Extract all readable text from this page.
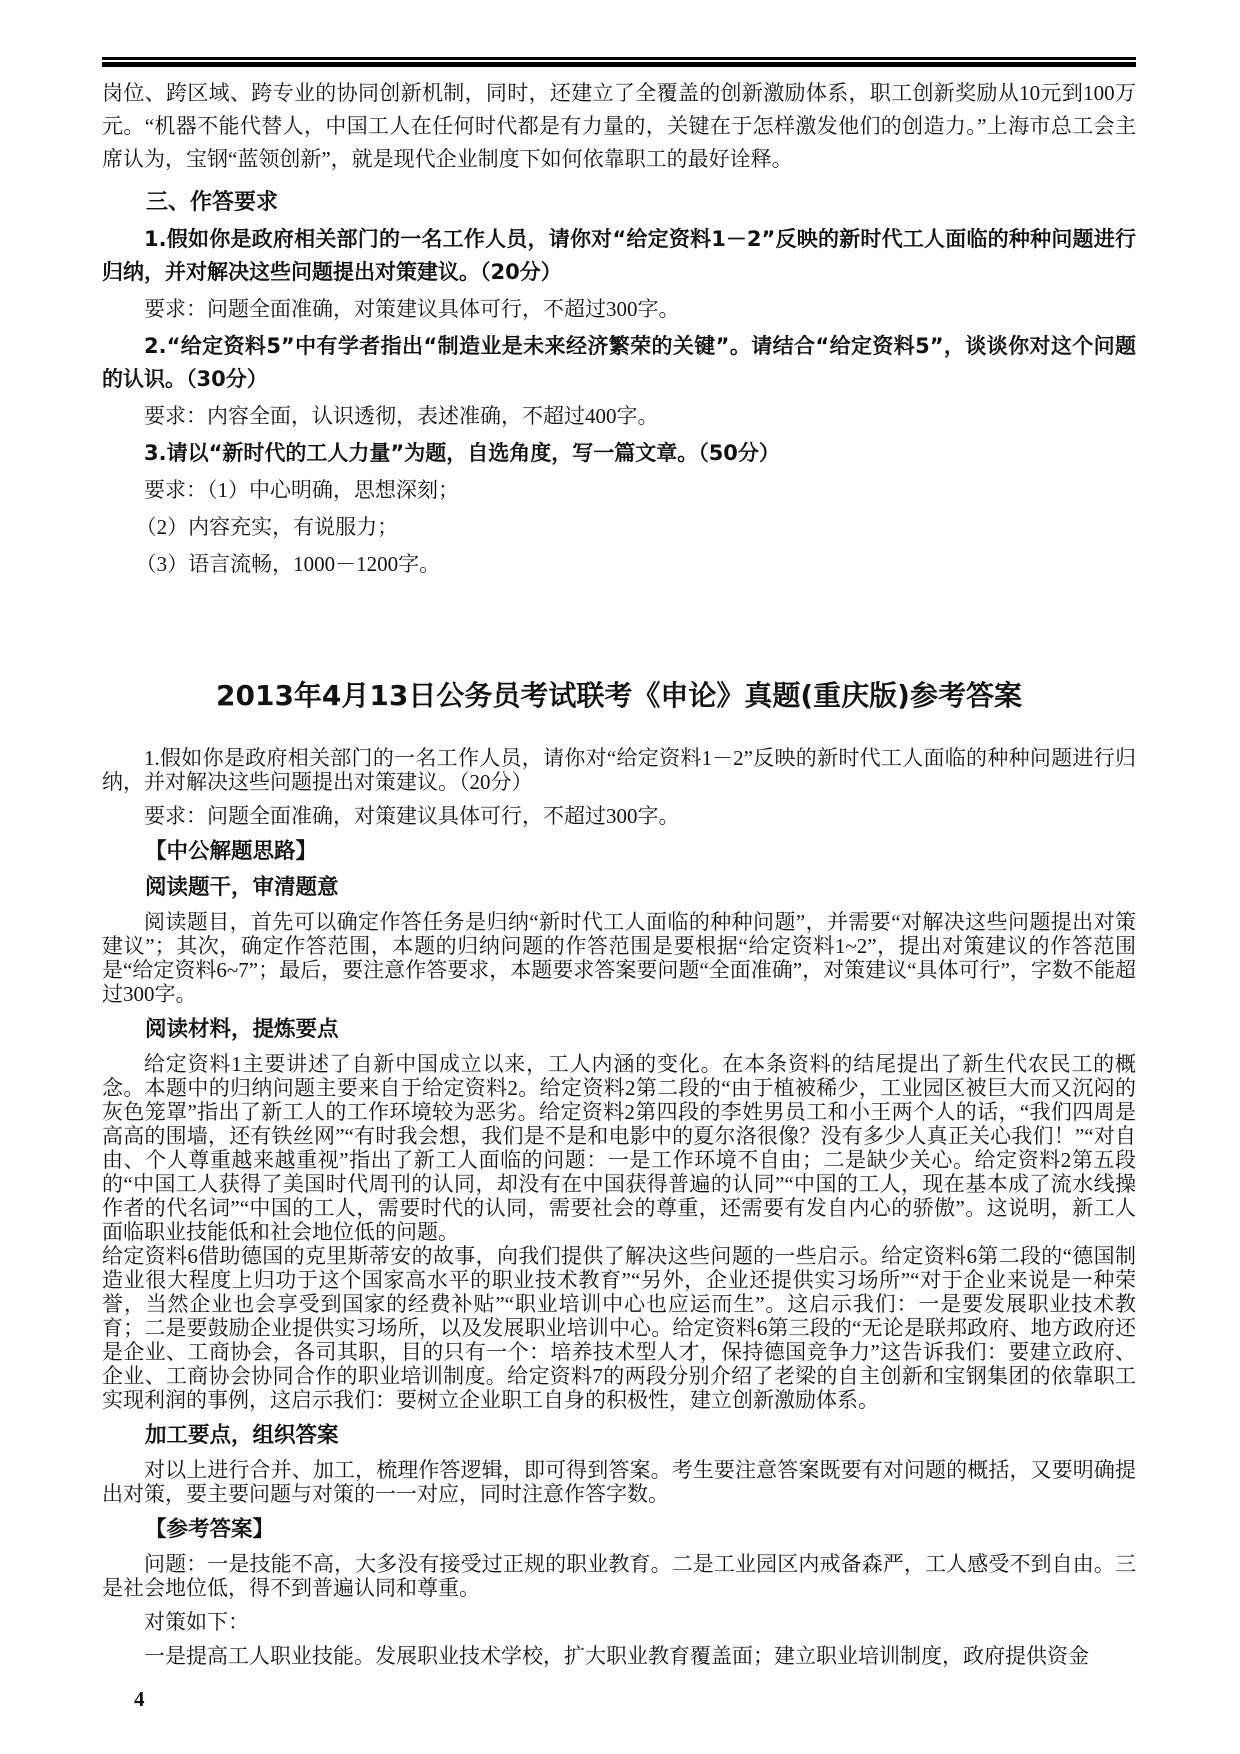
岗位、跨区域、跨专业的协同创新机制，同时，还建立了全覆盖的创新激励体系，职工创新奖励从10元到100万元。“机器不能代替人，中国工人在任何时代都是有力量的，关键在于怎样激发他们的创造力。”上海市总工会主席认为，宝钢“蓝领创新”，就是现代企业制度下如何依靠职工的最好诠释。

三、作答要求

1.假如你是政府相关部门的一名工作人员，请你对“给定资料1－2”反映的新时代工人面临的种种问题进行归纳，并对解决这些问题提出对策建议。（20分）

要求：问题全面准确，对策建议具体可行，不超过300字。

2.“给定资料5”中有学者指出“制造业是未来经济繁荣的关键”。请结合“给定资料5”，谈谈你对这个问题的认识。（30分）

要求：内容全面，认识透彻，表述准确，不超过400字。

3.请以“新时代的工人力量”为题，自选角度，写一篇文章。（50分）

要求：（1）中心明确，思想深刻；

（2）内容充实，有说服力；

（3）语言流畅，1000－1200字。

2013年4月13日公务员考试联考《申论》真题(重庆版)参考答案

1.假如你是政府相关部门的一名工作人员，请你对“给定资料1－2”反映的新时代工人面临的种种问题进行归纳，并对解决这些问题提出对策建议。（20分）

要求：问题全面准确，对策建议具体可行，不超过300字。

【中公解题思路】

阅读题干，审清题意

阅读题目，首先可以确定作答任务是归纳“新时代工人面临的种种问题”，并需要“对解决这些问题提出对策建议”；其次，确定作答范围，本题的归纳问题的作答范围是要根据“给定资料1~2”，提出对策建议的作答范围是“给定资料6~7”；最后，要注意作答要求，本题要求答案要问题“全面准确”，对策建议“具体可行”，字数不能超过300字。

阅读材料，提炼要点

给定资料1主要讲述了自新中国成立以来，工人内涵的变化。在本条资料的结尾提出了新生代农民工的概念。本题中的归纳问题主要来自于给定资料2。给定资料2第二段的“由于植被稀少，工业园区被巨大而又沉闷的灰色笼罩”指出了新工人的工作环境较为恶劣。给定资料2第四段的李姓男员工和小王两个人的话，“我们四周是高高的围墙，还有铁丝网”“有时我会想，我们是不是和电影中的夏尔洛很像？没有多少人真正关心我们！”“对自由、个人尊重越来越重视”指出了新工人面临的问题：一是工作环境不自由；二是缺少关心。给定资料2第五段的“中国工人获得了美国时代周刊的认同，却没有在中国获得普遍的认同”“中国的工人，现在基本成了流水线操作者的代名词”“中国的工人，需要时代的认同，需要社会的尊重，还需要有发自内心的骄傲”。这说明，新工人面临职业技能低和社会地位低的问题。

给定资料6借助德国的克里斯蒂安的故事，向我们提供了解决这些问题的一些启示。给定资料6第二段的“德国制造业很大程度上归功于这个国家高水平的职业技术教育”“另外，企业还提供实习场所”“对于企业来说是一种荣誉，当然企业也会享受到国家的经费补贴”“职业培训中心也应运而生”。这启示我们：一是要发展职业技术教育；二是要鼓励企业提供实习场所，以及发展职业培训中心。给定资料6第三段的“无论是联邦政府、地方政府还是企业、工商协会，各司其职，目的只有一个：培养技术型人才，保持德国竞争力”这告诉我们：要建立政府、企业、工商协会协同合作的职业培训制度。给定资料7的两段分别介绍了老梁的自主创新和宝钢集团的依靠职工实现利润的事例，这启示我们：要树立企业职工自身的积极性，建立创新激励体系。

加工要点，组织答案

对以上进行合并、加工，梳理作答逻辑，即可得到答案。考生要注意答案既要有对问题的概括，又要明确提出对策，要主要问题与对策的一一对应，同时注意作答字数。

【参考答案】

问题：一是技能不高，大多没有接受过正规的职业教育。二是工业园区内戒备森严，工人感受不到自由。三是社会地位低，得不到普遍认同和尊重。

对策如下：

一是提高工人职业技能。发展职业技术学校，扩大职业教育覆盖面；建立职业培训制度，政府提供资金

4
